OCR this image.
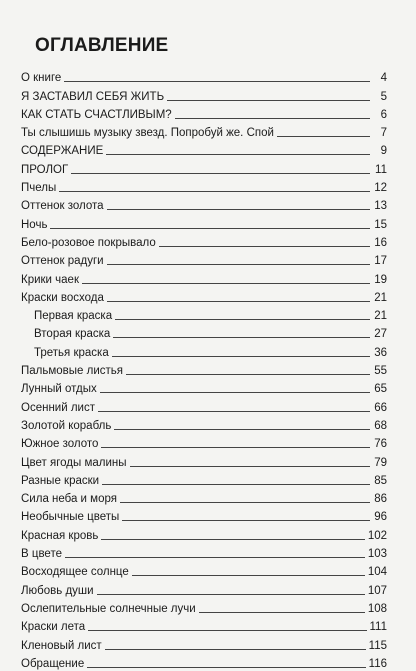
ОГЛАВЛЕНИЕ
О книге	4
Я ЗАСТАВИЛ СЕБЯ ЖИТЬ	5
КАК СТАТЬ СЧАСТЛИВЫМ?	6
Ты слышишь музыку звезд. Попробуй же. Спой	7
СОДЕРЖАНИЕ	9
ПРОЛОГ	11
Пчелы	12
Оттенок золота	13
Ночь	15
Бело-розовое покрывало	16
Оттенок радуги	17
Крики чаек	19
Краски восхода	21
Первая краска	21
Вторая краска	27
Третья краска	36
Пальмовые листья	55
Лунный отдых	65
Осенний лист	66
Золотой корабль	68
Южное золото	76
Цвет ягоды малины	79
Разные краски	85
Сила неба и моря	86
Необычные цветы	96
Красная кровь	102
В цвете	103
Восходящее солнце	104
Любовь души	107
Ослепительные солнечные лучи	108
Краски лета	111
Кленовый лист	115
Обращение	116
